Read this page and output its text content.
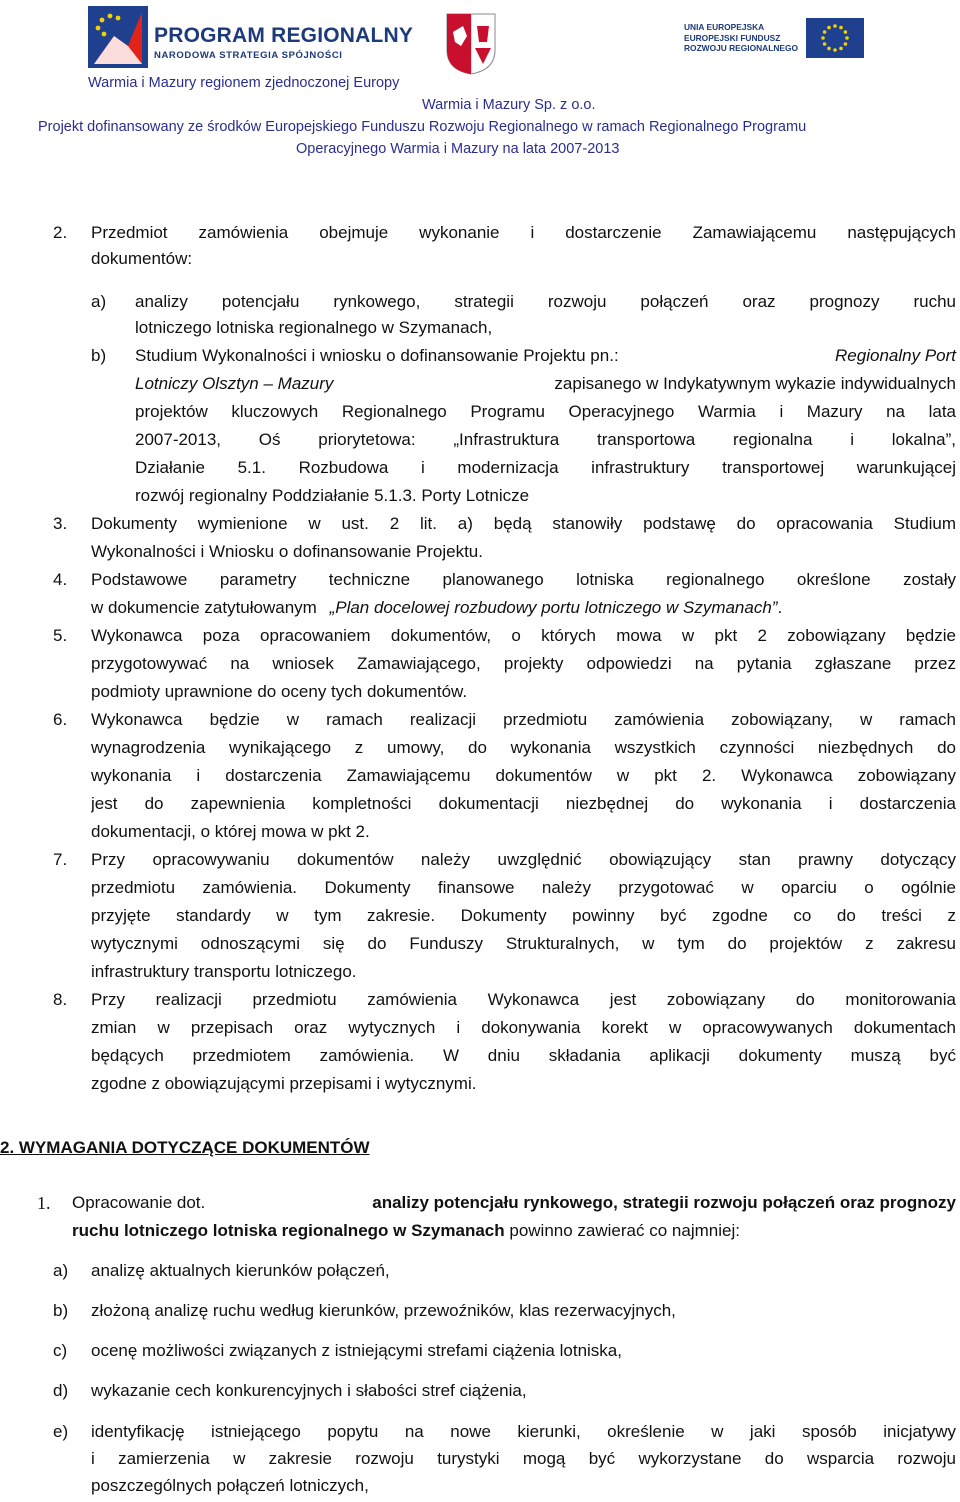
PROGRAM REGIONALNY
NARODOWA STRATEGIA SPÓJNOŚCI
UNIA EUROPEJSKA
EUROPEJSKI FUNDUSZ
ROZWOJU REGIONALNEGO
Warmia i Mazury regionem zjednoczonej Europy
Warmia i Mazury Sp. z o.o.
Projekt dofinansowany ze środków Europejskiego Funduszu Rozwoju Regionalnego w ramach Regionalnego Programu
Operacyjnego Warmia i Mazury na lata 2007-2013
2. Przedmiot zamówienia obejmuje wykonanie i dostarczenie Zamawiającemu następujących
dokumentów:
a) analizy potencjału rynkowego, strategii rozwoju połączeń oraz prognozy ruchu
lotniczego lotniska regionalnego w Szymanach,
b) Studium Wykonalności i wniosku o dofinansowanie Projektu pn.:	Regionalny Port
Lotniczy Olsztyn – Mazury	zapisanego w Indykatywnym wykazie indywidualnych
projektów kluczowych Regionalnego Programu Operacyjnego Warmia i Mazury na lata
2007-2013, Oś priorytetowa: „Infrastruktura transportowa regionalna i lokalna”,
Działanie 5.1. Rozbudowa i modernizacja infrastruktury transportowej warunkującej
rozwój regionalny Poddziałanie 5.1.3. Porty Lotnicze
3. Dokumenty wymienione w ust. 2 lit. a) będą stanowiły podstawę do opracowania Studium
Wykonalności i Wniosku o dofinansowanie Projektu.
4. Podstawowe parametry techniczne planowanego lotniska regionalnego określone zostały
w dokumencie zatytułowanym „Plan docelowej rozbudowy portu lotniczego w Szymanach”.
5. Wykonawca poza opracowaniem dokumentów, o których mowa w pkt 2 zobowiązany będzie
przygotowywać na wniosek Zamawiającego, projekty odpowiedzi na pytania zgłaszane przez
podmioty uprawnione do oceny tych dokumentów.
6. Wykonawca będzie w ramach realizacji przedmiotu zamówienia zobowiązany, w ramach
wynagrodzenia wynikającego z umowy, do wykonania wszystkich czynności niezbędnych do
wykonania i dostarczenia Zamawiającemu dokumentów w pkt 2. Wykonawca zobowiązany
jest do zapewnienia kompletności dokumentacji niezbędnej do wykonania i dostarczenia
dokumentacji, o której mowa w pkt 2.
7. Przy opracowywaniu dokumentów należy uwzględnić obowiązujący stan prawny dotyczący
przedmiotu zamówienia. Dokumenty finansowe należy przygotować w oparciu o ogólnie
przyjęte standardy w tym zakresie. Dokumenty powinny być zgodne co do treści z
wytycznymi odnoszącymi się do Funduszy Strukturalnych, w tym do projektów z zakresu
infrastruktury transportu lotniczego.
8. Przy realizacji przedmiotu zamówienia Wykonawca jest zobowiązany do monitorowania
zmian w przepisach oraz wytycznych i dokonywania korekt w opracowywanych dokumentach
będących przedmiotem zamówienia. W dniu składania aplikacji dokumenty muszą być
zgodne z obowiązującymi przepisami i wytycznymi.
2. WYMAGANIA DOTYCZĄCE DOKUMENTÓW
1. Opracowanie dot.	analizy potencjału rynkowego, strategii rozwoju połączeń oraz prognozy
ruchu lotniczego lotniska regionalnego w Szymanach powinno zawierać co najmniej:
a) analizę aktualnych kierunków połączeń,
b) złożoną analizę ruchu według kierunków, przewoźników, klas rezerwacyjnych,
c) ocenę możliwości związanych z istniejącymi strefami ciążenia lotniska,
d) wykazanie cech konkurencyjnych i słabości stref ciążenia,
e) identyfikację istniejącego popytu na nowe kierunki, określenie w jaki sposób inicjatywy
i zamierzenia w zakresie rozwoju turystyki mogą być wykorzystane do wsparcia rozwoju
poszczególnych połączeń lotniczych,
